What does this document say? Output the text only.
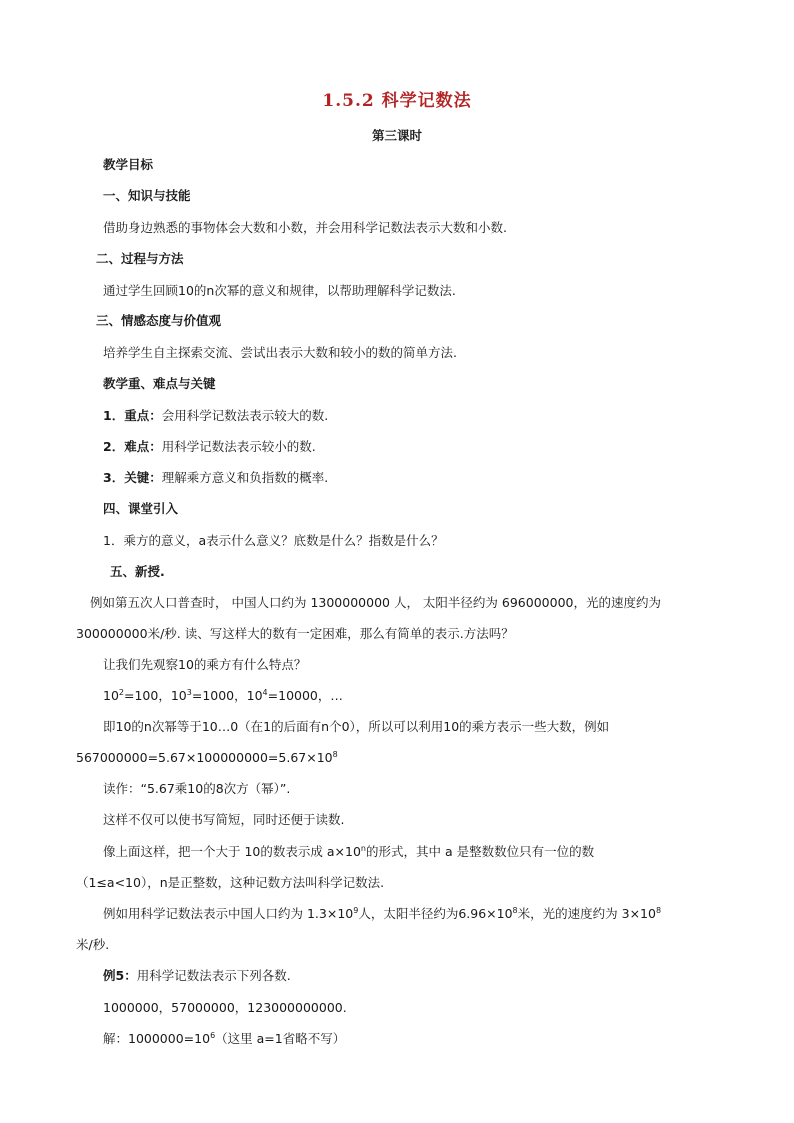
1.5.2 科学记数法
第三课时
教学目标
一、知识与技能
借助身边熟悉的事物体会大数和小数，并会用科学记数法表示大数和小数.
二、过程与方法
通过学生回顾10的n次幂的意义和规律，以帮助理解科学记数法.
三、情感态度与价值观
培养学生自主探索交流、尝试出表示大数和较小的数的简单方法.
教学重、难点与关键
1．重点：会用科学记数法表示较大的数.
2．难点：用科学记数法表示较小的数.
3．关键：理解乘方意义和负指数的概率.
四、课堂引入
1．乘方的意义，a表示什么意义？底数是什么？指数是什么？
五、新授.
例如第五次人口普查时， 中国人口约为 1300000000 人， 太阳半径约为 696000000，光的速度约为
300000000米/秒. 读、写这样大的数有一定困难，那么有简单的表示.方法吗？
让我们先观察10的乘方有什么特点？
$10^2=100$，$10^3=1000$，$10^4=10000$，…
即10的n次幂等于10…0（在1的后面有n个0），所以可以利用10的乘方表示一些大数，例如
$567000000=5.67\times 100000000=5.67\times 10^8$
读作：“5.67乘10的8次方（幂）”.
这样不仅可以使书写简短，同时还便于读数.
像上面这样，把一个大于 10的数表示成 $a\times 10^n$的形式，其中 a 是整数数位只有一位的数
（1≤a<10），n是正整数，这种记数方法叫科学记数法.
例如用科学记数法表示中国人口约为 $1.3\times 10^9$人，太阳半径约为$6.96\times 10^8$米，光的速度约为 $3\times 10^8$
米/秒.
例5：用科学记数法表示下列各数.
1000000，57000000，123000000000.
解：$1000000=10^6$（这里 a=1省略不写）
